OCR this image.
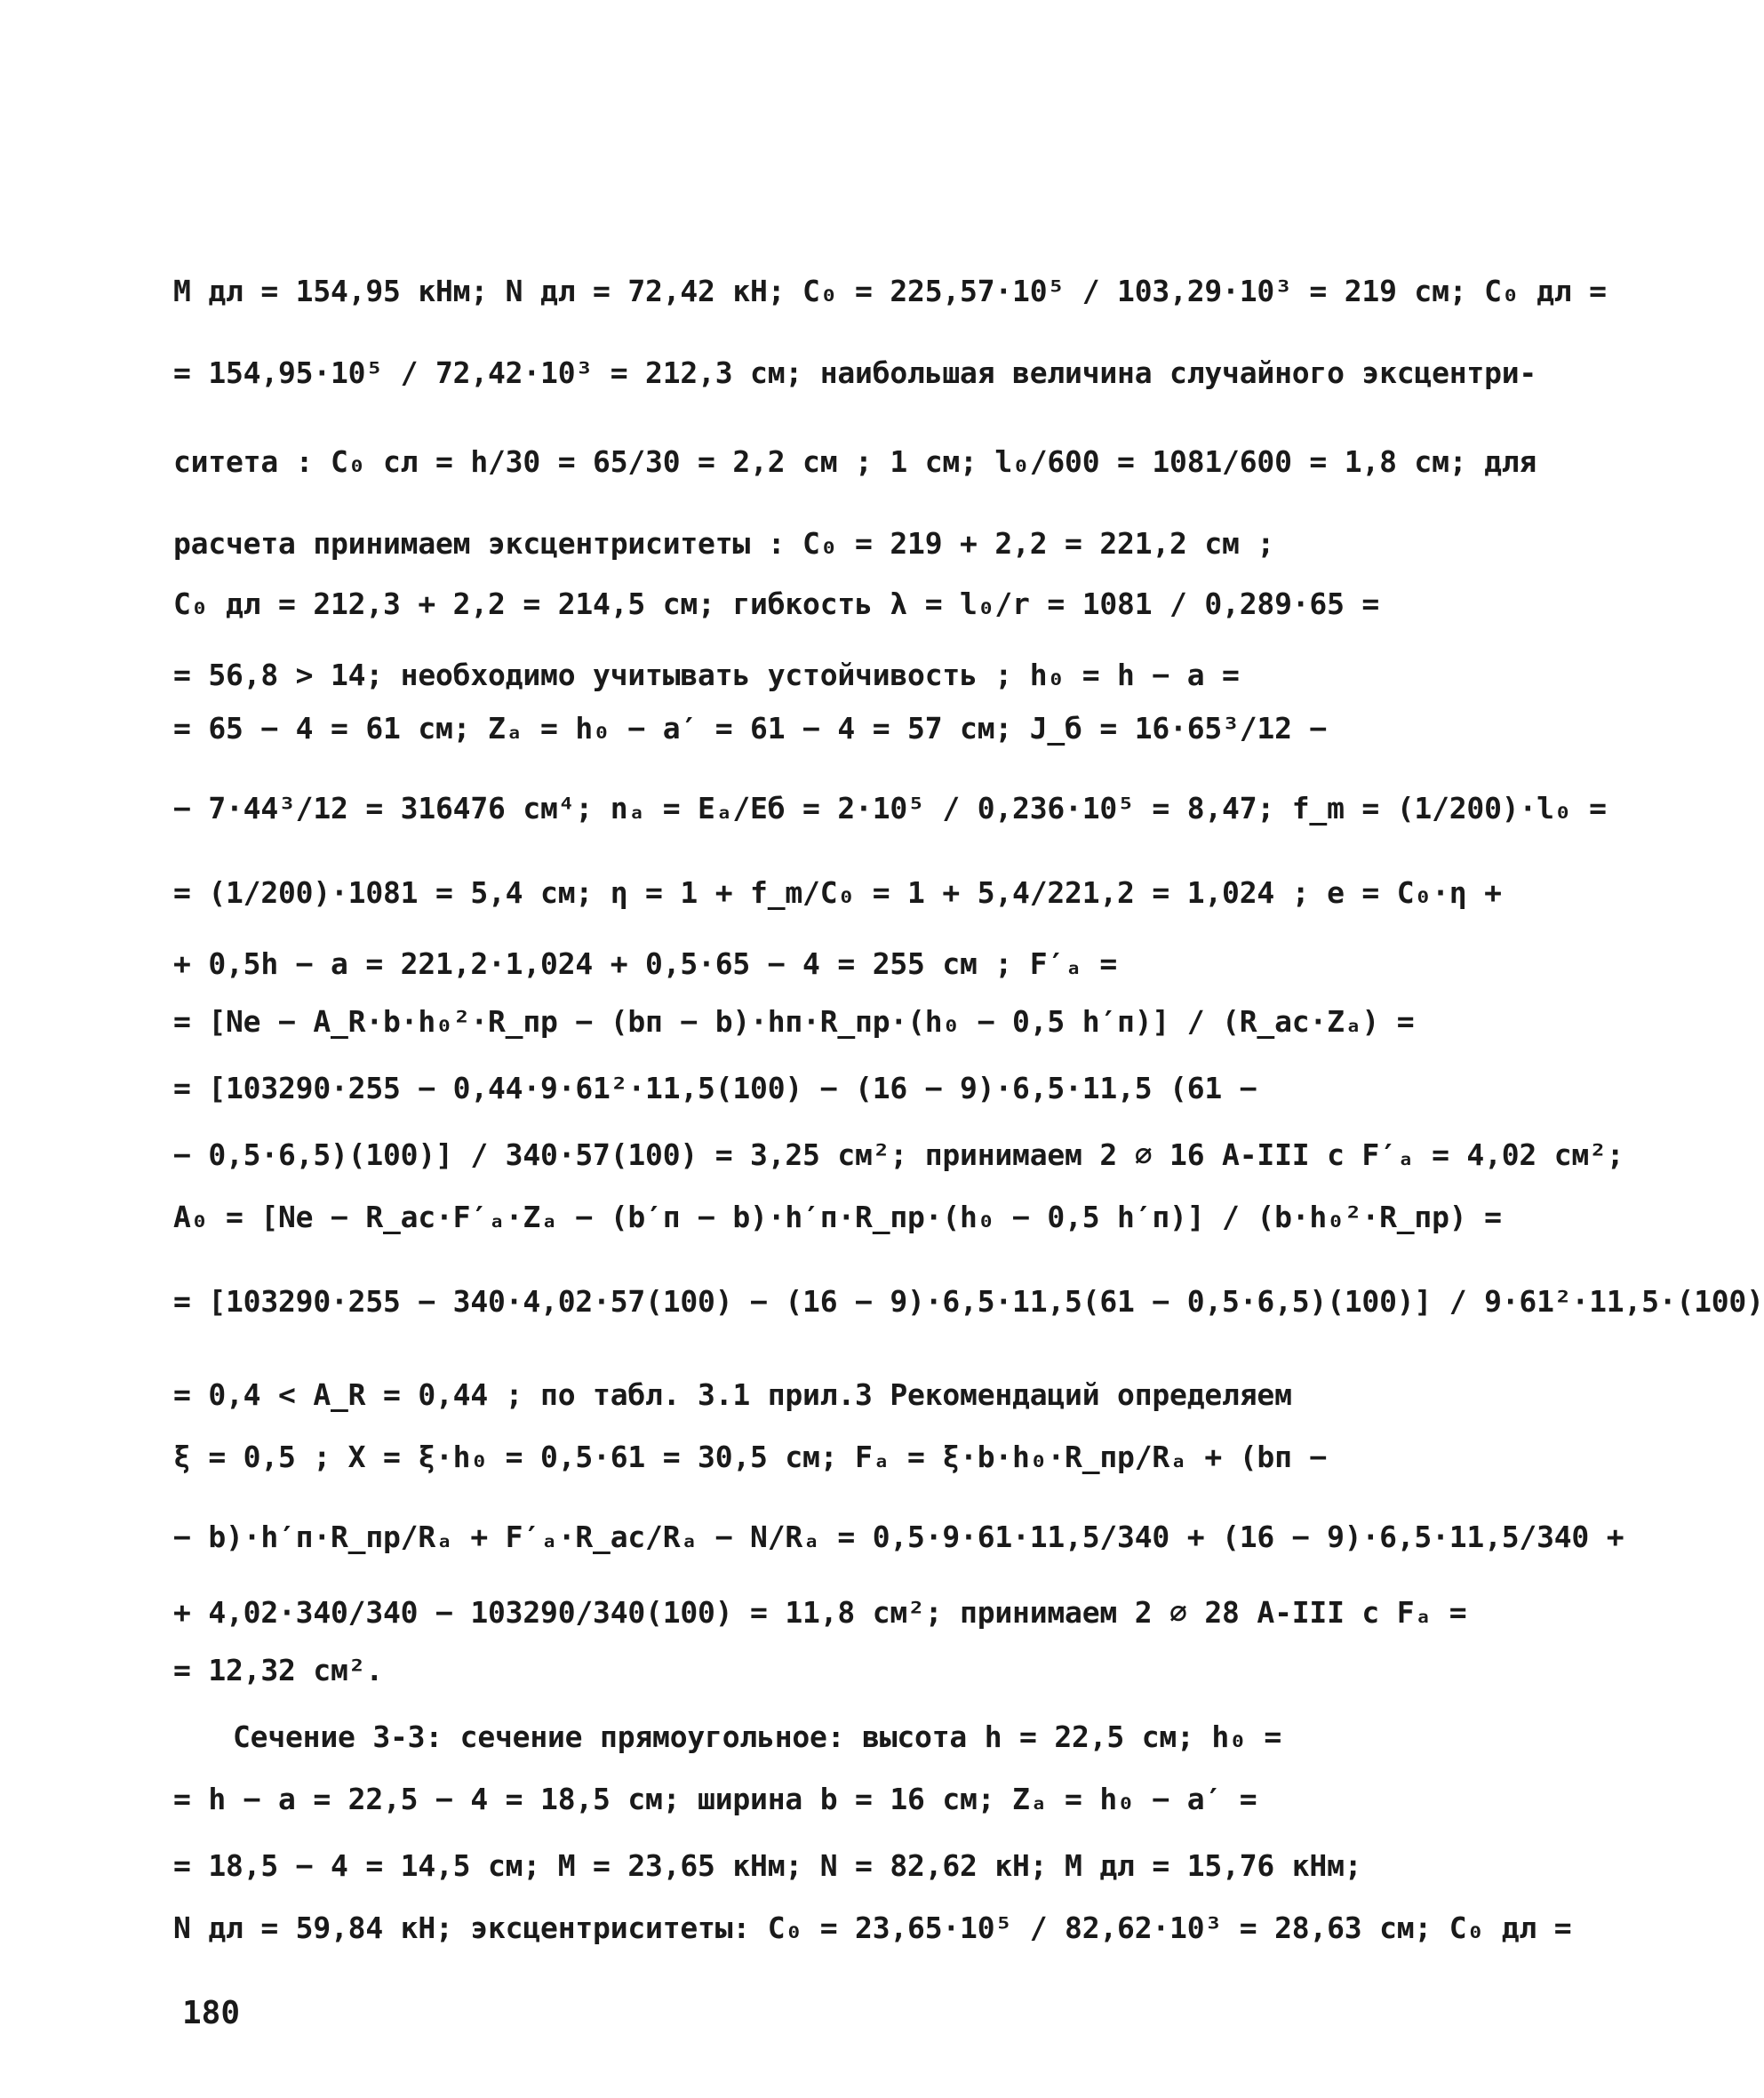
М дл = 154,95 кНм; N дл = 72,42 кН; C₀ = 225,57·10⁵ / 103,29·10³ = 219 см; C₀ дл =
= 154,95·10⁵ / 72,42·10³ = 212,3 см; наибольшая величина случайного эксцентри-
ситета : C₀ сл = h/30 = 65/30 = 2,2 см ; 1 см; l₀/600 = 1081/600 = 1,8 см; для
расчета принимаем эксцентриситеты : C₀ = 219 + 2,2 = 221,2 см ;
C₀ дл = 212,3 + 2,2 = 214,5 см; гибкость λ = l₀/r = 1081 / 0,289·65 =
= 56,8 > 14; необходимо учитывать устойчивость ; h₀ = h − a =
= 65 − 4 = 61 см; Zₐ = h₀ − a′ = 61 − 4 = 57 см; J_б = 16·65³/12 −
− 7·44³/12 = 316476 см⁴; nₐ = Eₐ/Eб = 2·10⁵ / 0,236·10⁵ = 8,47; f_m = (1/200)·l₀ =
= (1/200)·1081 = 5,4 см; η = 1 + f_m/C₀ = 1 + 5,4/221,2 = 1,024 ; e = C₀·η +
+ 0,5h − a = 221,2·1,024 + 0,5·65 − 4 = 255 см ; F′ₐ =
= [Ne − A_R·b·h₀²·R_пр − (bп − b)·hп·R_пр·(h₀ − 0,5 h′п)] / (R_ас·Zₐ) =
= [103290·255 − 0,44·9·61²·11,5(100) − (16 − 9)·6,5·11,5 (61 −
− 0,5·6,5)(100)] / 340·57(100) = 3,25 см²; принимаем 2 ⌀ 16 А-III с F′ₐ = 4,02 см²;
A₀ = [Ne − R_ас·F′ₐ·Zₐ − (b′п − b)·h′п·R_пр·(h₀ − 0,5 h′п)] / (b·h₀²·R_пр) =
= [103290·255 − 340·4,02·57(100) − (16 − 9)·6,5·11,5(61 − 0,5·6,5)(100)] / 9·61²·11,5·(100)
= 0,4 < A_R = 0,44 ; по табл. 3.1 прил.3 Рекомендаций определяем
ξ = 0,5 ; X = ξ·h₀ = 0,5·61 = 30,5 см; Fₐ = ξ·b·h₀·R_пр/Rₐ + (bп −
− b)·h′п·R_пр/Rₐ + F′ₐ·R_ас/Rₐ − N/Rₐ = 0,5·9·61·11,5/340 + (16 − 9)·6,5·11,5/340 +
+ 4,02·340/340 − 103290/340(100) = 11,8 см²; принимаем 2 ⌀ 28 А-III с Fₐ =
= 12,32 см².
Сечение 3-3: сечение прямоугольное: высота h = 22,5 см; h₀ =
= h − a = 22,5 − 4 = 18,5 см; ширина b = 16 см; Zₐ = h₀ − a′ =
= 18,5 − 4 = 14,5 см; M = 23,65 кНм; N = 82,62 кН; М дл = 15,76 кНм;
N дл = 59,84 кН; эксцентриситеты: C₀ = 23,65·10⁵ / 82,62·10³ = 28,63 см; C₀ дл =
180
